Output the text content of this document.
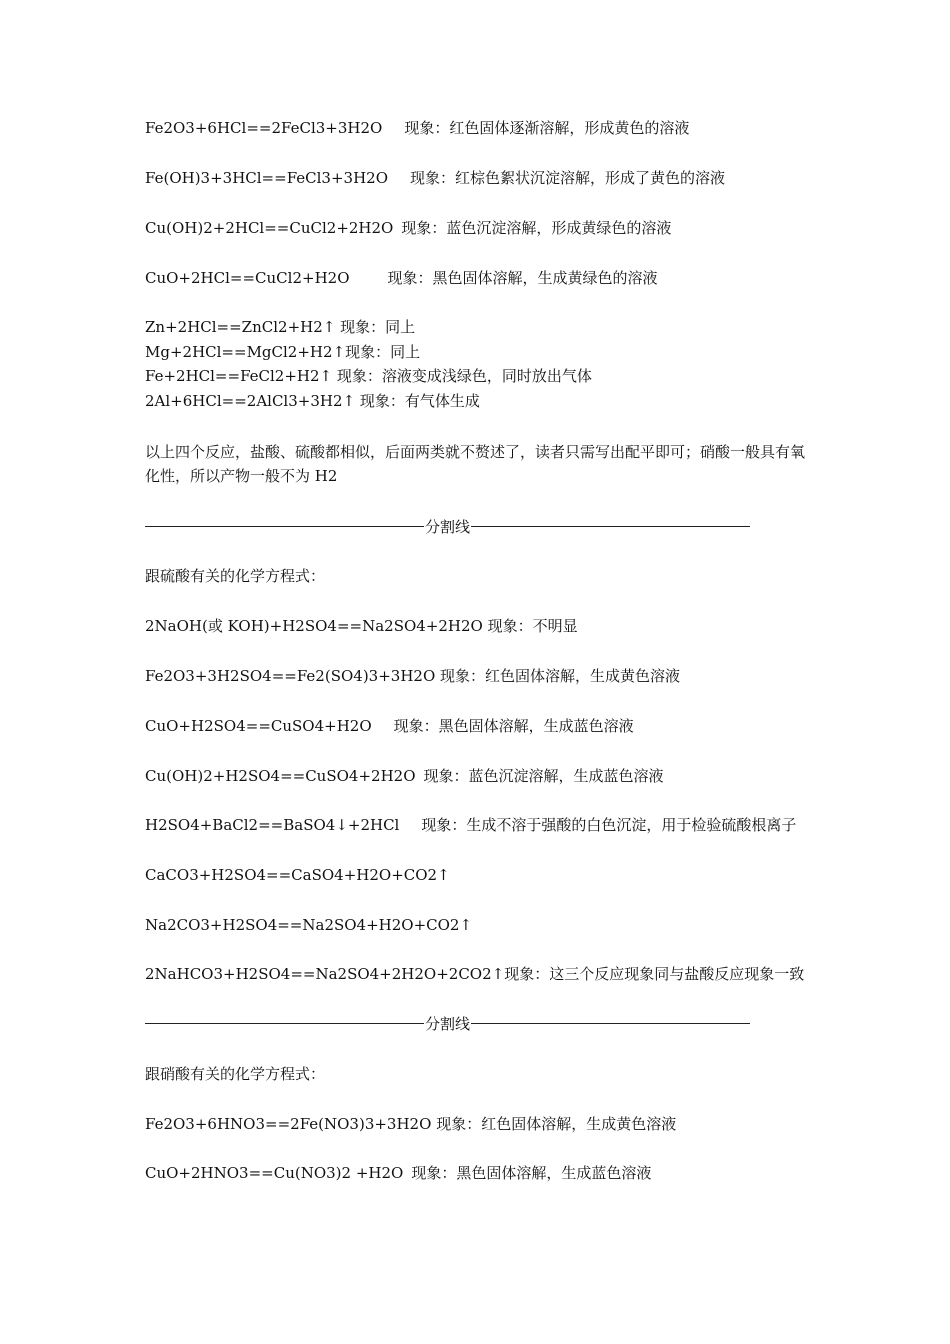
Fe2O3+6HCl==2FeCl3+3H2O 现象：红色固体逐渐溶解，形成黄色的溶液
Fe(OH)3+3HCl==FeCl3+3H2O 现象：红棕色絮状沉淀溶解，形成了黄色的溶液
Cu(OH)2+2HCl==CuCl2+2H2O 现象：蓝色沉淀溶解，形成黄绿色的溶液
CuO+2HCl==CuCl2+H2O	现象：黑色固体溶解，生成黄绿色的溶液
Zn+2HCl==ZnCl2+H2↑ 现象：同上
Mg+2HCl==MgCl2+H2↑现象：同上
Fe+2HCl==FeCl2+H2↑ 现象：溶液变成浅绿色，同时放出气体
2Al+6HCl==2AlCl3+3H2↑ 现象：有气体生成
以上四个反应，盐酸、硫酸都相似，后面两类就不赘述了，读者只需写出配平即可；硝酸一般具有氧化性，所以产物一般不为 H2
分割线
跟硫酸有关的化学方程式：
2NaOH(或 KOH)+H2SO4==Na2SO4+2H2O 现象：不明显
Fe2O3+3H2SO4==Fe2(SO4)3+3H2O 现象：红色固体溶解，生成黄色溶液
CuO+H2SO4==CuSO4+H2O 现象：黑色固体溶解，生成蓝色溶液
Cu(OH)2+H2SO4==CuSO4+2H2O 现象：蓝色沉淀溶解，生成蓝色溶液
H2SO4+BaCl2==BaSO4↓+2HCl 现象：生成不溶于强酸的白色沉淀，用于检验硫酸根离子
CaCO3+H2SO4==CaSO4+H2O+CO2↑
Na2CO3+H2SO4==Na2SO4+H2O+CO2↑
2NaHCO3+H2SO4==Na2SO4+2H2O+2CO2↑现象：这三个反应现象同与盐酸反应现象一致
分割线
跟硝酸有关的化学方程式：
Fe2O3+6HNO3==2Fe(NO3)3+3H2O 现象：红色固体溶解，生成黄色溶液
CuO+2HNO3==Cu(NO3)2 +H2O 现象：黑色固体溶解，生成蓝色溶液
